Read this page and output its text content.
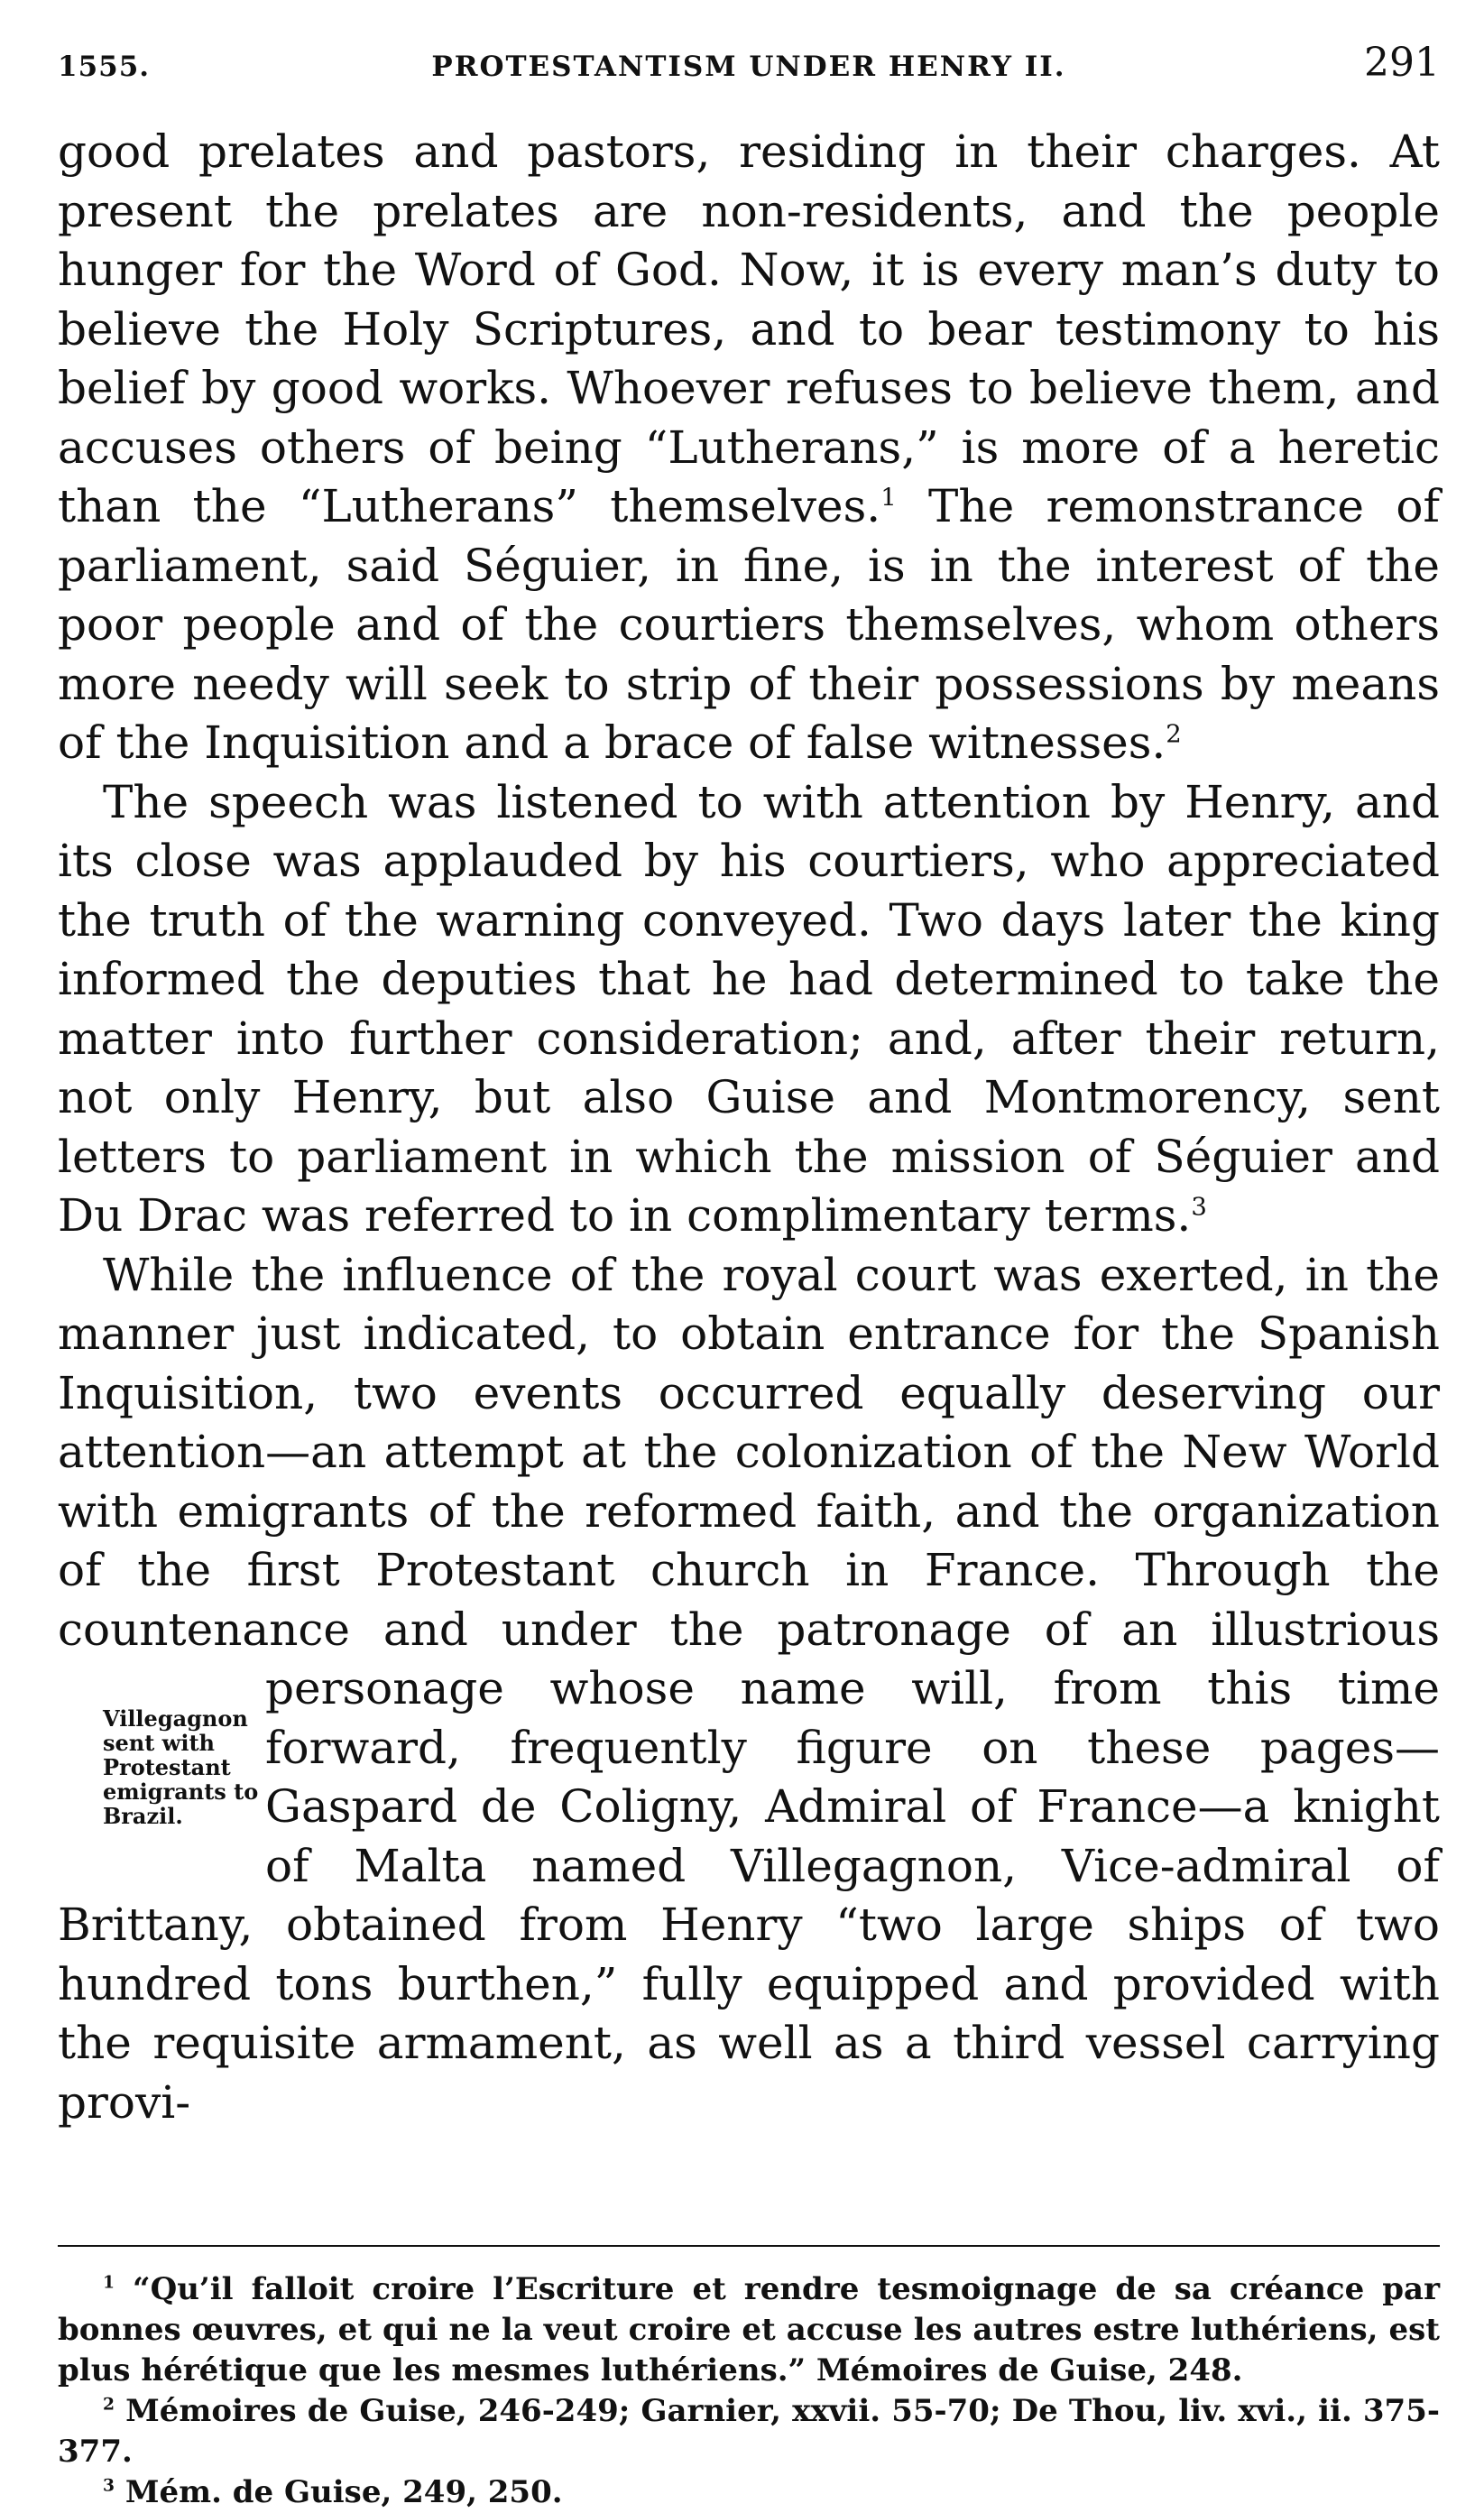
1555.	PROTESTANTISM UNDER HENRY II.	291

good prelates and pastors, residing in their charges. At present the prelates are non-residents, and the people hunger for the Word of God. Now, it is every man’s duty to believe the Holy Scriptures, and to bear testimony to his belief by good works. Whoever refuses to believe them, and accuses others of being “Lutherans,” is more of a heretic than the “Lutherans” themselves.$^1$ The remonstrance of parliament, said Séguier, in fine, is in the interest of the poor people and of the courtiers themselves, whom others more needy will seek to strip of their possessions by means of the Inquisition and a brace of false witnesses.$^2$

The speech was listened to with attention by Henry, and its close was applauded by his courtiers, who appreciated the truth of the warning conveyed. Two days later the king informed the deputies that he had determined to take the matter into further consideration; and, after their return, not only Henry, but also Guise and Montmorency, sent letters to parliament in which the mission of Séguier and Du Drac was referred to in complimentary terms.$^3$

While the influence of the royal court was exerted, in the manner just indicated, to obtain entrance for the Spanish Inquisition, two events occurred equally deserving our attention—an attempt at the colonization of the New World with emigrants of the reformed faith, and the organization of the first Protestant church in France. Through the countenance and under the patronage of an illustrious personage whose name will, from
Villegagnon
sent with
Protestant
emigrants to
Brazil.
this time forward, frequently figure on these pages—Gaspard de Coligny, Admiral of France—a knight of Malta named Villegagnon, Vice-admiral of Brittany, obtained from Henry “two large ships of two hundred tons burthen,” fully equipped and provided with the requisite armament, as well as a third vessel carrying provi-

$^1$ “Qu’il falloit croire l’Escriture et rendre tesmoignage de sa créance par bonnes œuvres, et qui ne la veut croire et accuse les autres estre luthériens, est plus hérétique que les mesmes luthériens.” Mémoires de Guise, 248.

$^2$ Mémoires de Guise, 246-249; Garnier, xxvii. 55-70; De Thou, liv. xvi., ii. 375-377.

$^3$ Mém. de Guise, 249, 250.
